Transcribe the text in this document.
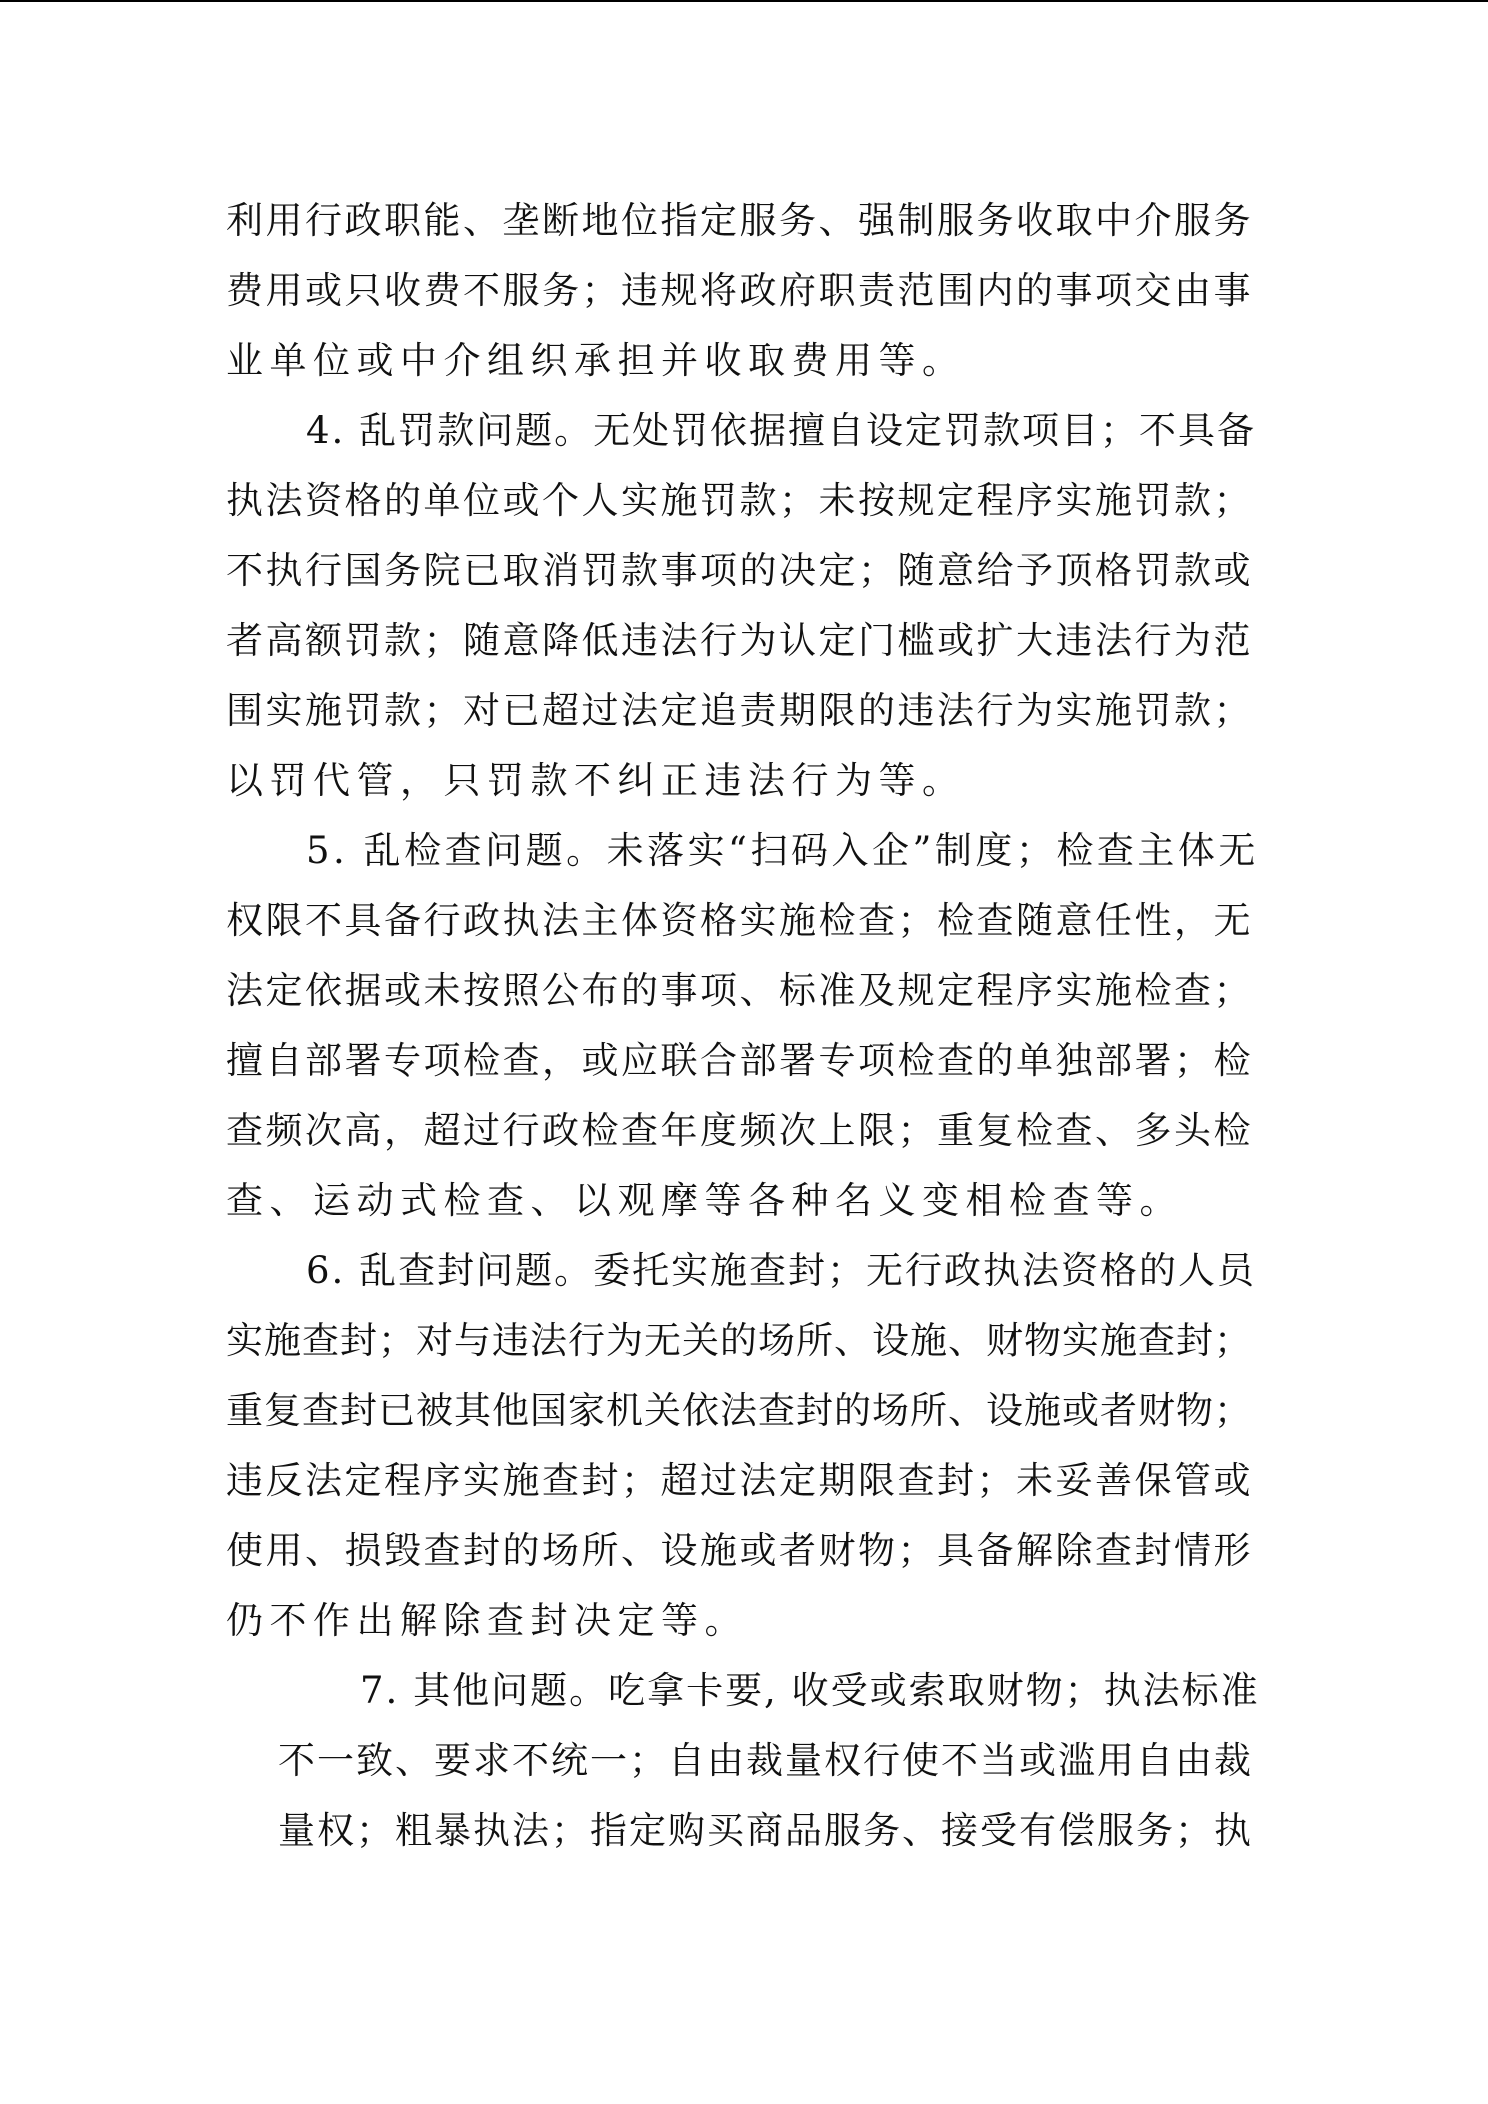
利用行政职能、垄断地位指定服务、强制服务收取中介服务
费用或只收费不服务；违规将政府职责范围内的事项交由事
业单位或中介组织承担并收取费用等。
4. 乱罚款问题。无处罚依据擅自设定罚款项目；不具备
执法资格的单位或个人实施罚款；未按规定程序实施罚款；
不执行国务院已取消罚款事项的决定；随意给予顶格罚款或
者高额罚款；随意降低违法行为认定门槛或扩大违法行为范
围实施罚款；对已超过法定追责期限的违法行为实施罚款；
以罚代管，只罚款不纠正违法行为等。
5. 乱检查问题。未落实“扫码入企”制度；检查主体无
权限不具备行政执法主体资格实施检查；检查随意任性，无
法定依据或未按照公布的事项、标准及规定程序实施检查；
擅自部署专项检查，或应联合部署专项检查的单独部署；检
查频次高，超过行政检查年度频次上限；重复检查、多头检
查、运动式检查、以观摩等各种名义变相检查等。
6. 乱查封问题。委托实施查封；无行政执法资格的人员
实施查封；对与违法行为无关的场所、设施、财物实施查封；
重复查封已被其他国家机关依法查封的场所、设施或者财物；
违反法定程序实施查封；超过法定期限查封；未妥善保管或
使用、损毁查封的场所、设施或者财物；具备解除查封情形
仍不作出解除查封决定等。
7. 其他问题。吃拿卡要, 收受或索取财物；执法标准
不一致、要求不统一；自由裁量权行使不当或滥用自由裁
量权；粗暴执法；指定购买商品服务、接受有偿服务；执
